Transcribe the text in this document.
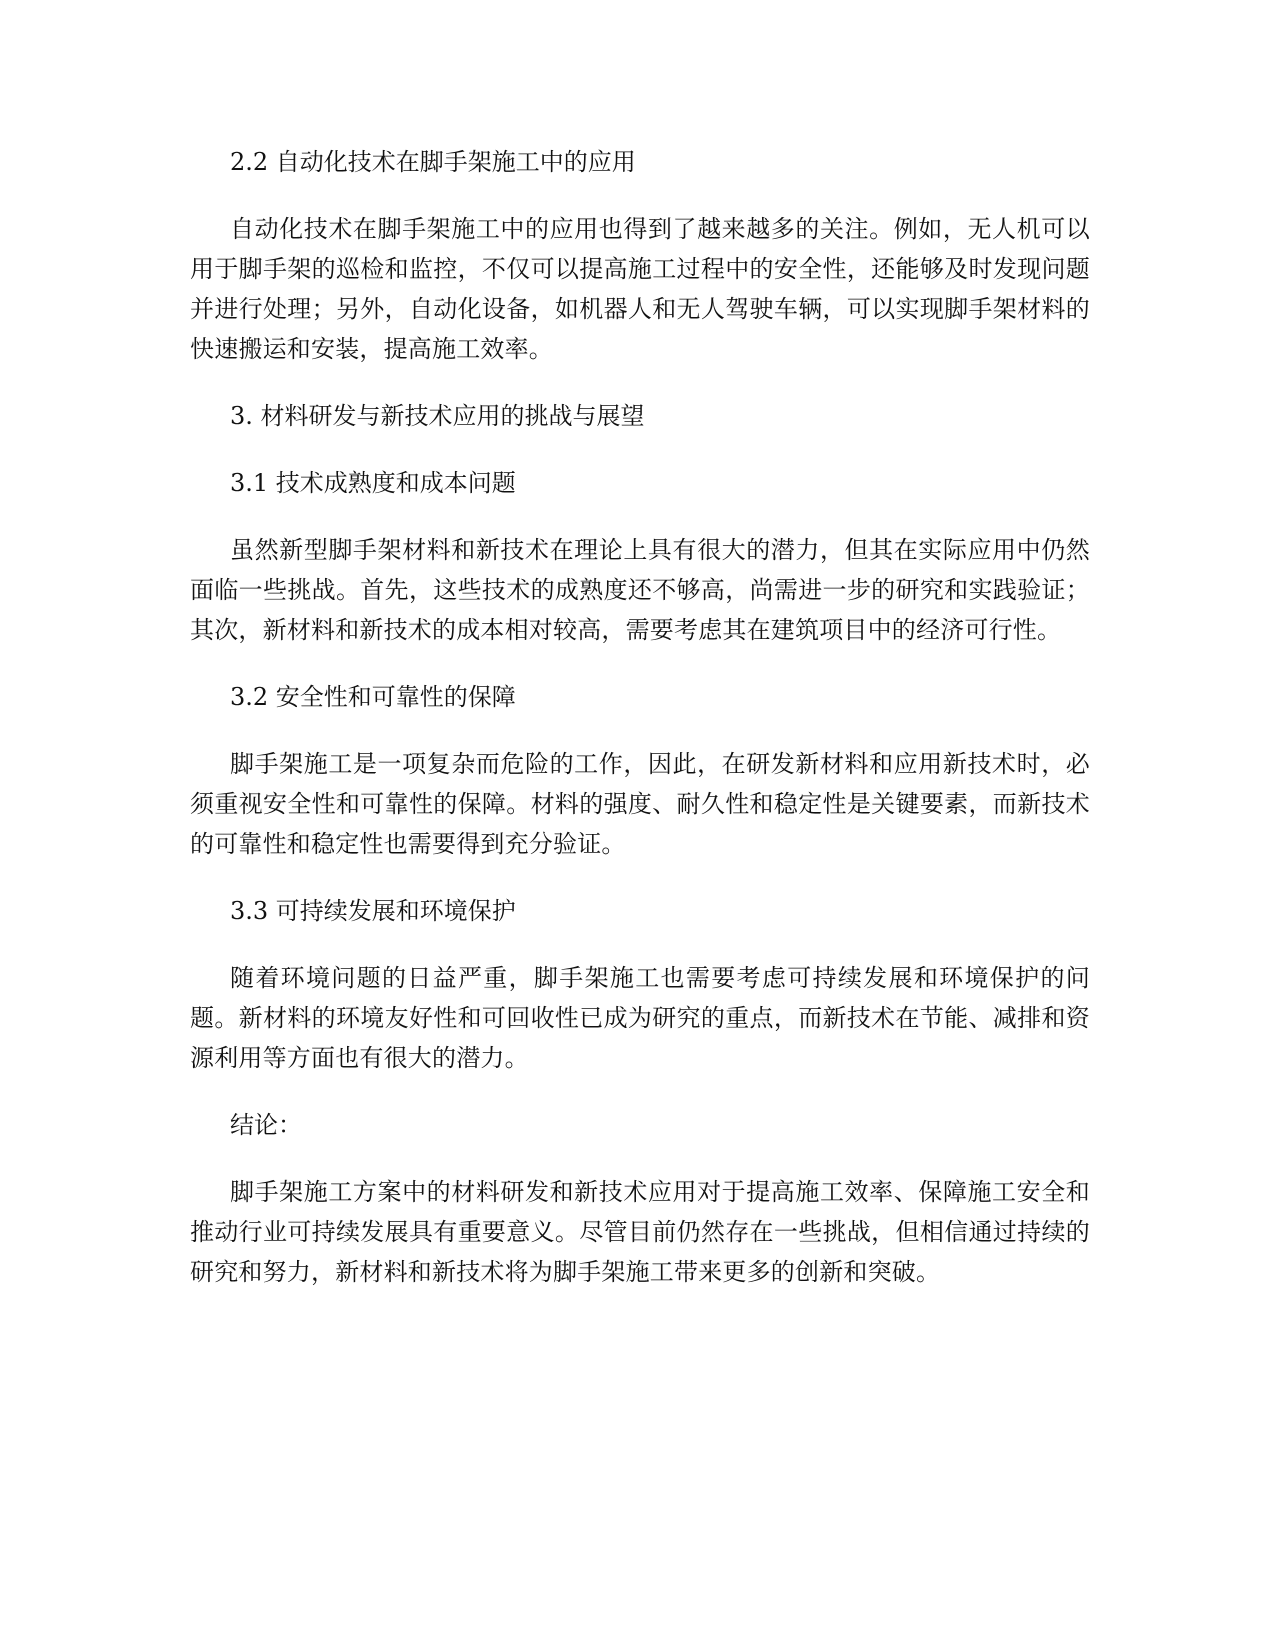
2.2 自动化技术在脚手架施工中的应用

自动化技术在脚手架施工中的应用也得到了越来越多的关注。例如，无人机可以用于脚手架的巡检和监控，不仅可以提高施工过程中的安全性，还能够及时发现问题并进行处理；另外，自动化设备，如机器人和无人驾驶车辆，可以实现脚手架材料的快速搬运和安装，提高施工效率。

3. 材料研发与新技术应用的挑战与展望
3.1 技术成熟度和成本问题

虽然新型脚手架材料和新技术在理论上具有很大的潜力，但其在实际应用中仍然面临一些挑战。首先，这些技术的成熟度还不够高，尚需进一步的研究和实践验证；其次，新材料和新技术的成本相对较高，需要考虑其在建筑项目中的经济可行性。

3.2 安全性和可靠性的保障

脚手架施工是一项复杂而危险的工作，因此，在研发新材料和应用新技术时，必须重视安全性和可靠性的保障。材料的强度、耐久性和稳定性是关键要素，而新技术的可靠性和稳定性也需要得到充分验证。

3.3 可持续发展和环境保护

随着环境问题的日益严重，脚手架施工也需要考虑可持续发展和环境保护的问题。新材料的环境友好性和可回收性已成为研究的重点，而新技术在节能、减排和资源利用等方面也有很大的潜力。

结论：

脚手架施工方案中的材料研发和新技术应用对于提高施工效率、保障施工安全和推动行业可持续发展具有重要意义。尽管目前仍然存在一些挑战，但相信通过持续的研究和努力，新材料和新技术将为脚手架施工带来更多的创新和突破。
